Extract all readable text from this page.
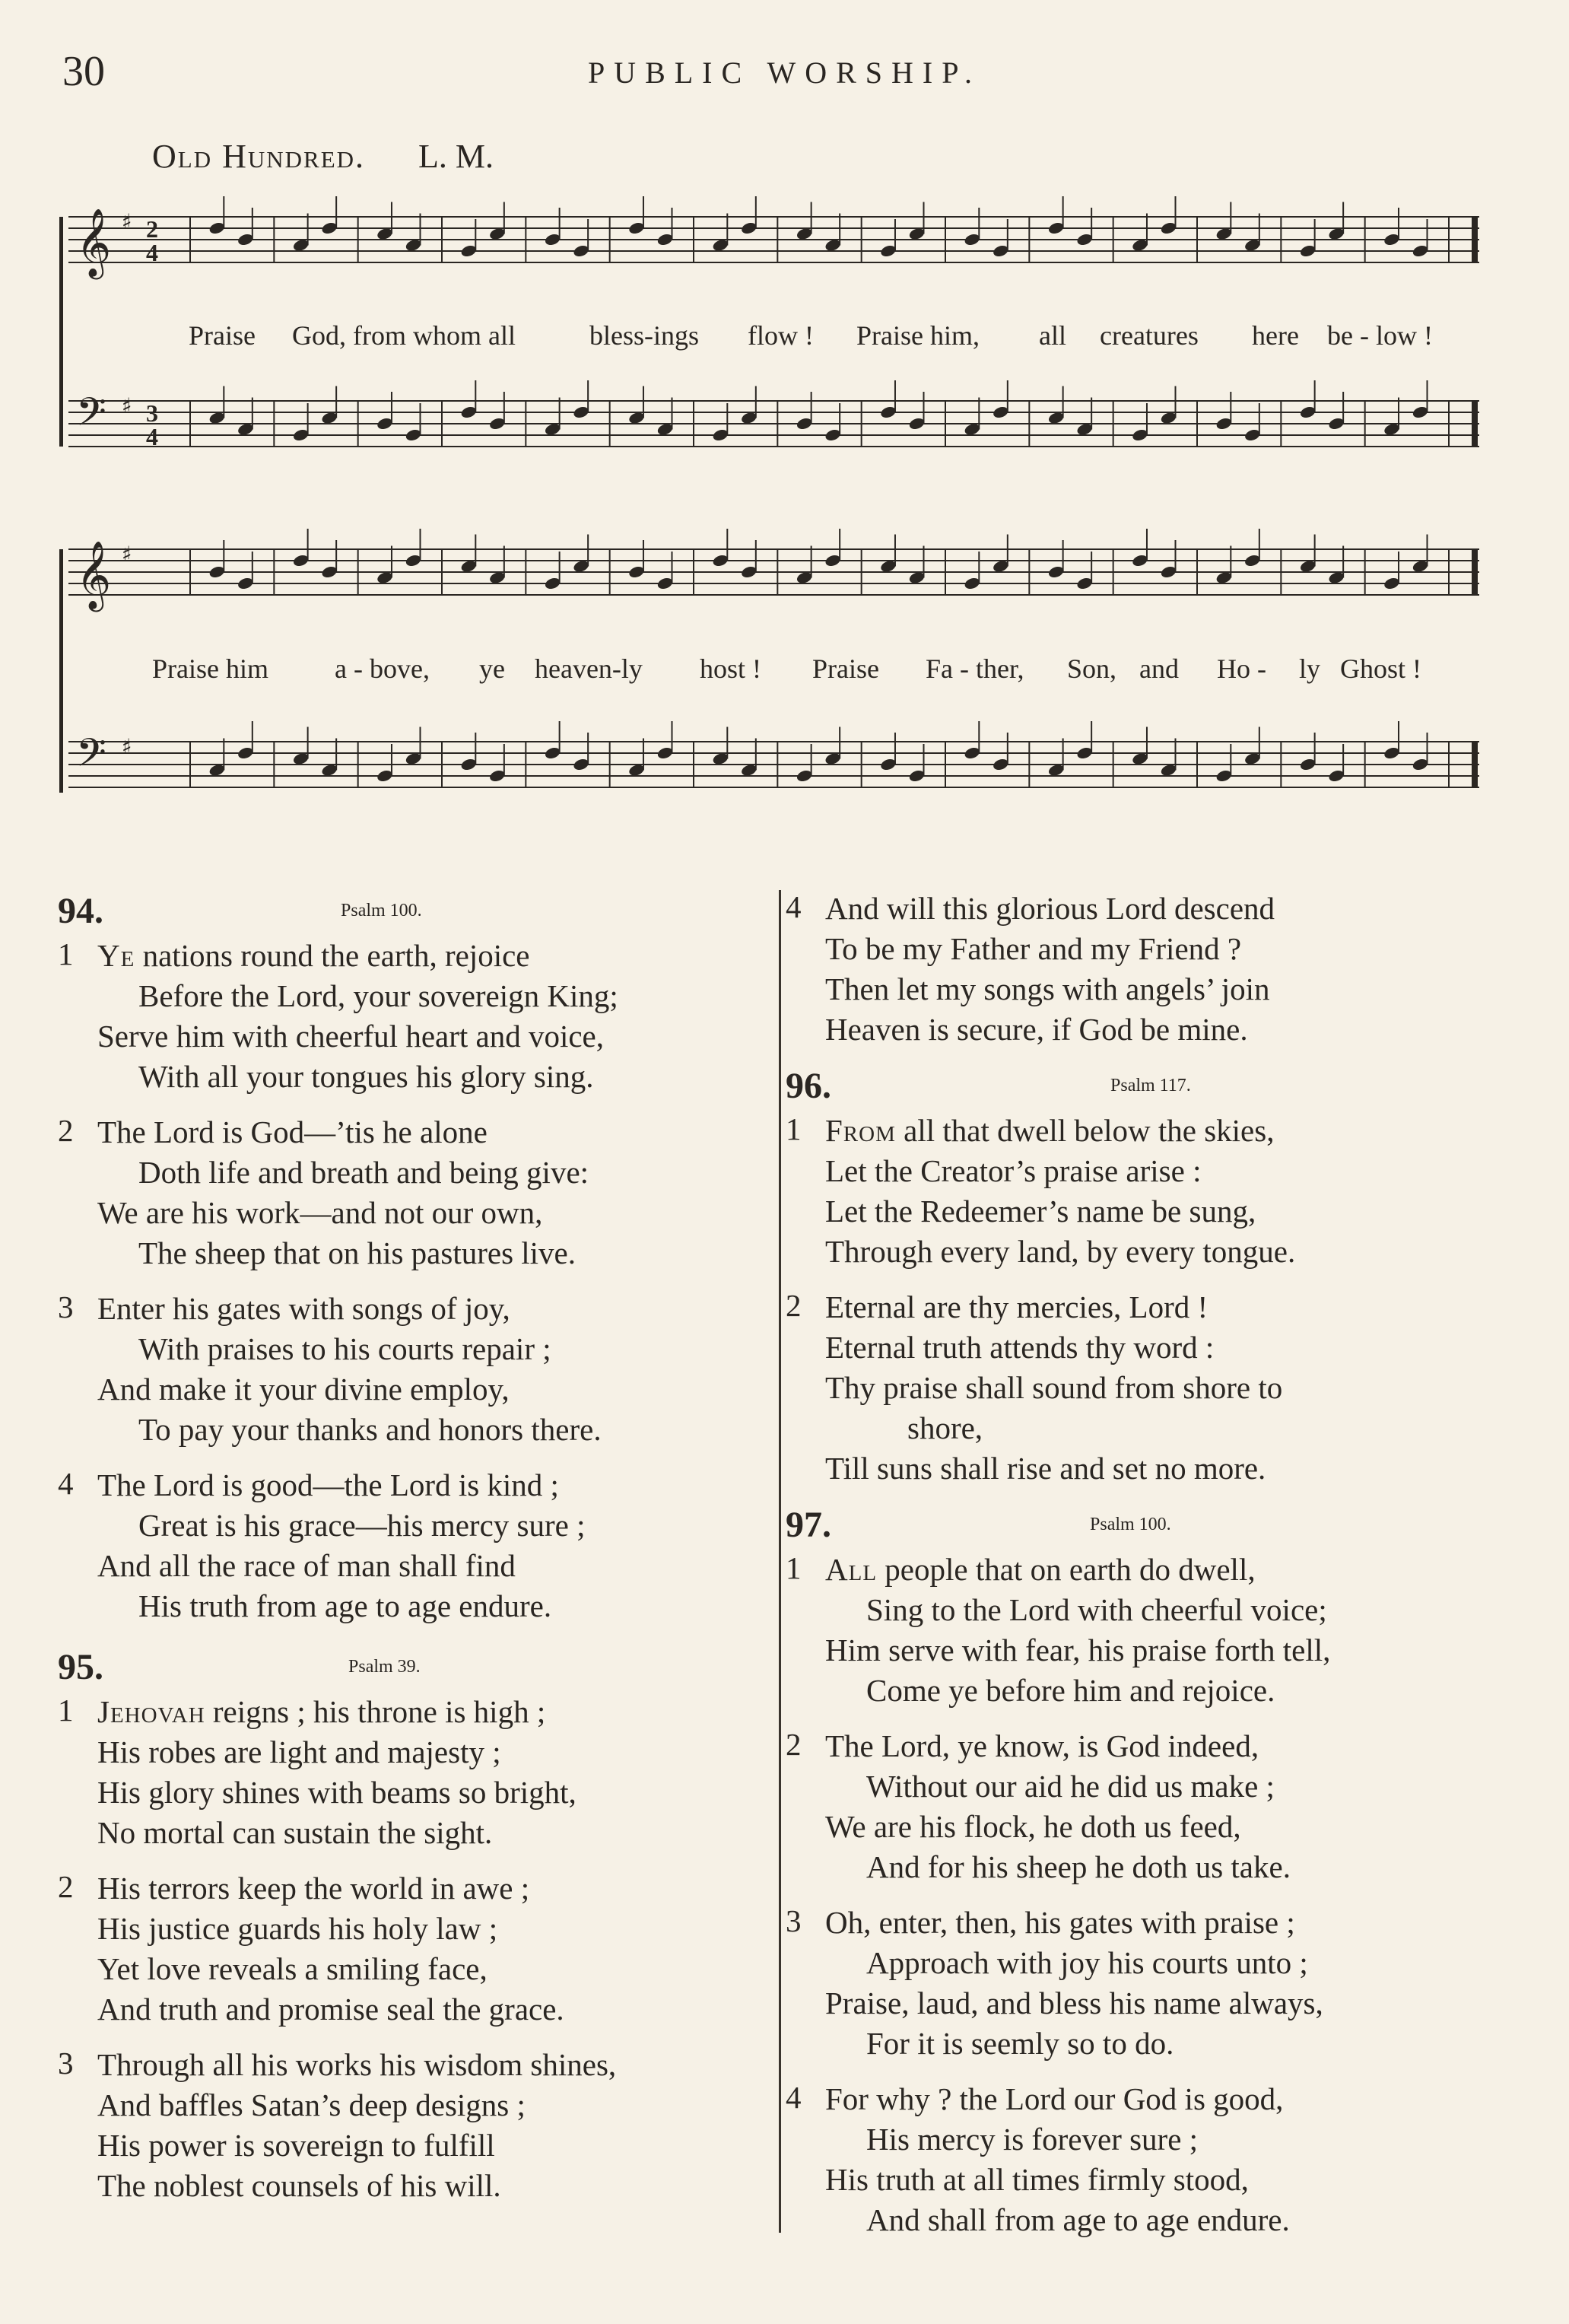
30	PUBLIC WORSHIP.
Old Hundred. L. M.
𝄞 ♯ 2
4
𝄢 ♯ 3
4
𝄞 ♯
𝄢 ♯
Praise God, from whom all	bless-ings flow ! Praise him, all creatures here be - low !
Praise him a - bove, ye heaven-ly host ! Praise Fa - ther, Son, and Ho - ly Ghost !
94.	Psalm 100.
1 Ye nations round the earth, rejoice
Before the Lord, your sovereign King;
Serve him with cheerful heart and voice,
With all your tongues his glory sing.
2 The Lord is God—’tis he alone
Doth life and breath and being give:
We are his work—and not our own,
The sheep that on his pastures live.
3 Enter his gates with songs of joy,
With praises to his courts repair ;
And make it your divine employ,
To pay your thanks and honors there.
4 The Lord is good—the Lord is kind ;
Great is his grace—his mercy sure ;
And all the race of man shall find
His truth from age to age endure.
95.	Psalm 39.
1 Jehovah reigns ; his throne is high ;
His robes are light and majesty ;
His glory shines with beams so bright,
No mortal can sustain the sight.
2 His terrors keep the world in awe ;
His justice guards his holy law ;
Yet love reveals a smiling face,
And truth and promise seal the grace.
3 Through all his works his wisdom shines,
And baffles Satan’s deep designs ;
His power is sovereign to fulfill
The noblest counsels of his will.
4 And will this glorious Lord descend
To be my Father and my Friend ?
Then let my songs with angels’ join
Heaven is secure, if God be mine.
96.	Psalm 117.
1 From all that dwell below the skies,
Let the Creator’s praise arise :
Let the Redeemer’s name be sung,
Through every land, by every tongue.
2 Eternal are thy mercies, Lord !
Eternal truth attends thy word :
Thy praise shall sound from shore to
shore,
Till suns shall rise and set no more.
97.	Psalm 100.
1 All people that on earth do dwell,
Sing to the Lord with cheerful voice;
Him serve with fear, his praise forth tell,
Come ye before him and rejoice.
2 The Lord, ye know, is God indeed,
Without our aid he did us make ;
We are his flock, he doth us feed,
And for his sheep he doth us take.
3 Oh, enter, then, his gates with praise ;
Approach with joy his courts unto ;
Praise, laud, and bless his name always,
For it is seemly so to do.
4 For why ? the Lord our God is good,
His mercy is forever sure ;
His truth at all times firmly stood,
And shall from age to age endure.
